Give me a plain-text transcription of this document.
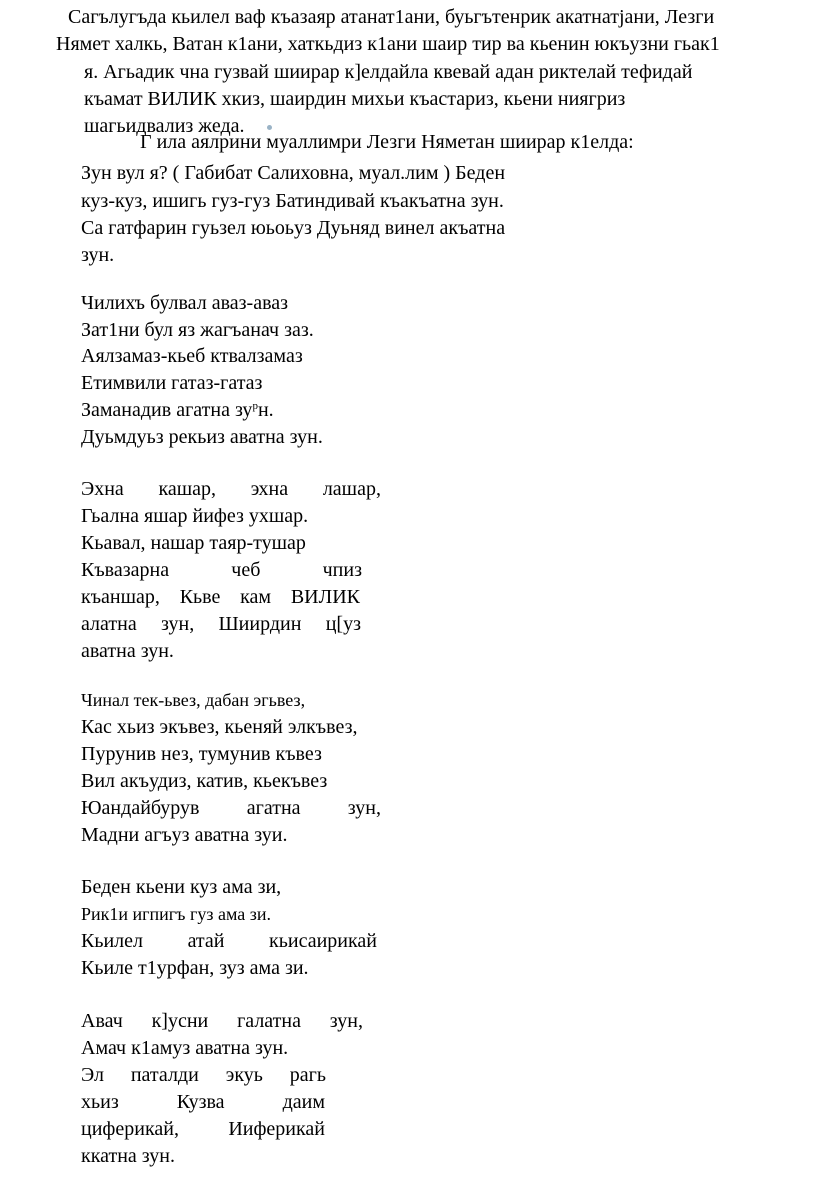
Сагълугъда кьилел ваф къазаяр атанат1ани, буьгътенрик акатнатјани, Лезги
Нямет халкь, Ватан к1ани, хаткьдиз к1ани шаир тир ва кьенин юкъузни гьак1
я. Агьадик чна гузвай шиирар к]елдайла квевай адан риктелай тефидай
къамат ВИЛИК хкиз, шаирдин михьи къастариз, кьени ниягриз
шагьидвализ жеда.
Г ила аялрини муаллимри Лезги Няметан шиирар к1елда:
Зун вул я? ( Габибат Салиховна, муал.лим ) Беден
куз-куз, ишигь гуз-гуз Батиндивай къакъатна зун.
Са гатфарин гуьзел юьоьуз Дуьняд винел акъатна
зун.
Чилихъ булвал аваз-аваз
Зат1ни бул яз жагъанач заз.
Аялзамаз-кьеб ктвалзамаз
Етимвили гатаз-гатаз
Заманадив агатна $зу^рн$.
Дуьмдуьз рекьиз аватна зун.
Эхна кашар, эхна лашар,
Гьална яшар йифез ухшар.
Кьавал, нашар таяр-тушар
Къвазарна	чеб	чпиз
къаншар, Кьве кам ВИЛИК
алатна зун, Шиирдин ц[уз
аватна зун.
Чинал тек-ьвез, дабан эгьвез,
Кас хьиз экъвез, кьеняй элкъвез,
Пурунив нез, тумунив къвез
Вил акъудиз, катив, кьекъвез
Юандайбурув агатна зун,
Мадни агъуз аватна зуи.
Беден кьени куз ама зи,
Рик1и игпигъ гуз ама зи.
Кьилел атай кьисаирикай
Кьиле т1урфан, зуз ама зи.
Авач к]усни галатна зун,
Амач к1амуз аватна зун.
Эл паталди экуь рагь
хьиз	Кузва	даим
циферикай, Ииферикай
ккатна зун.
